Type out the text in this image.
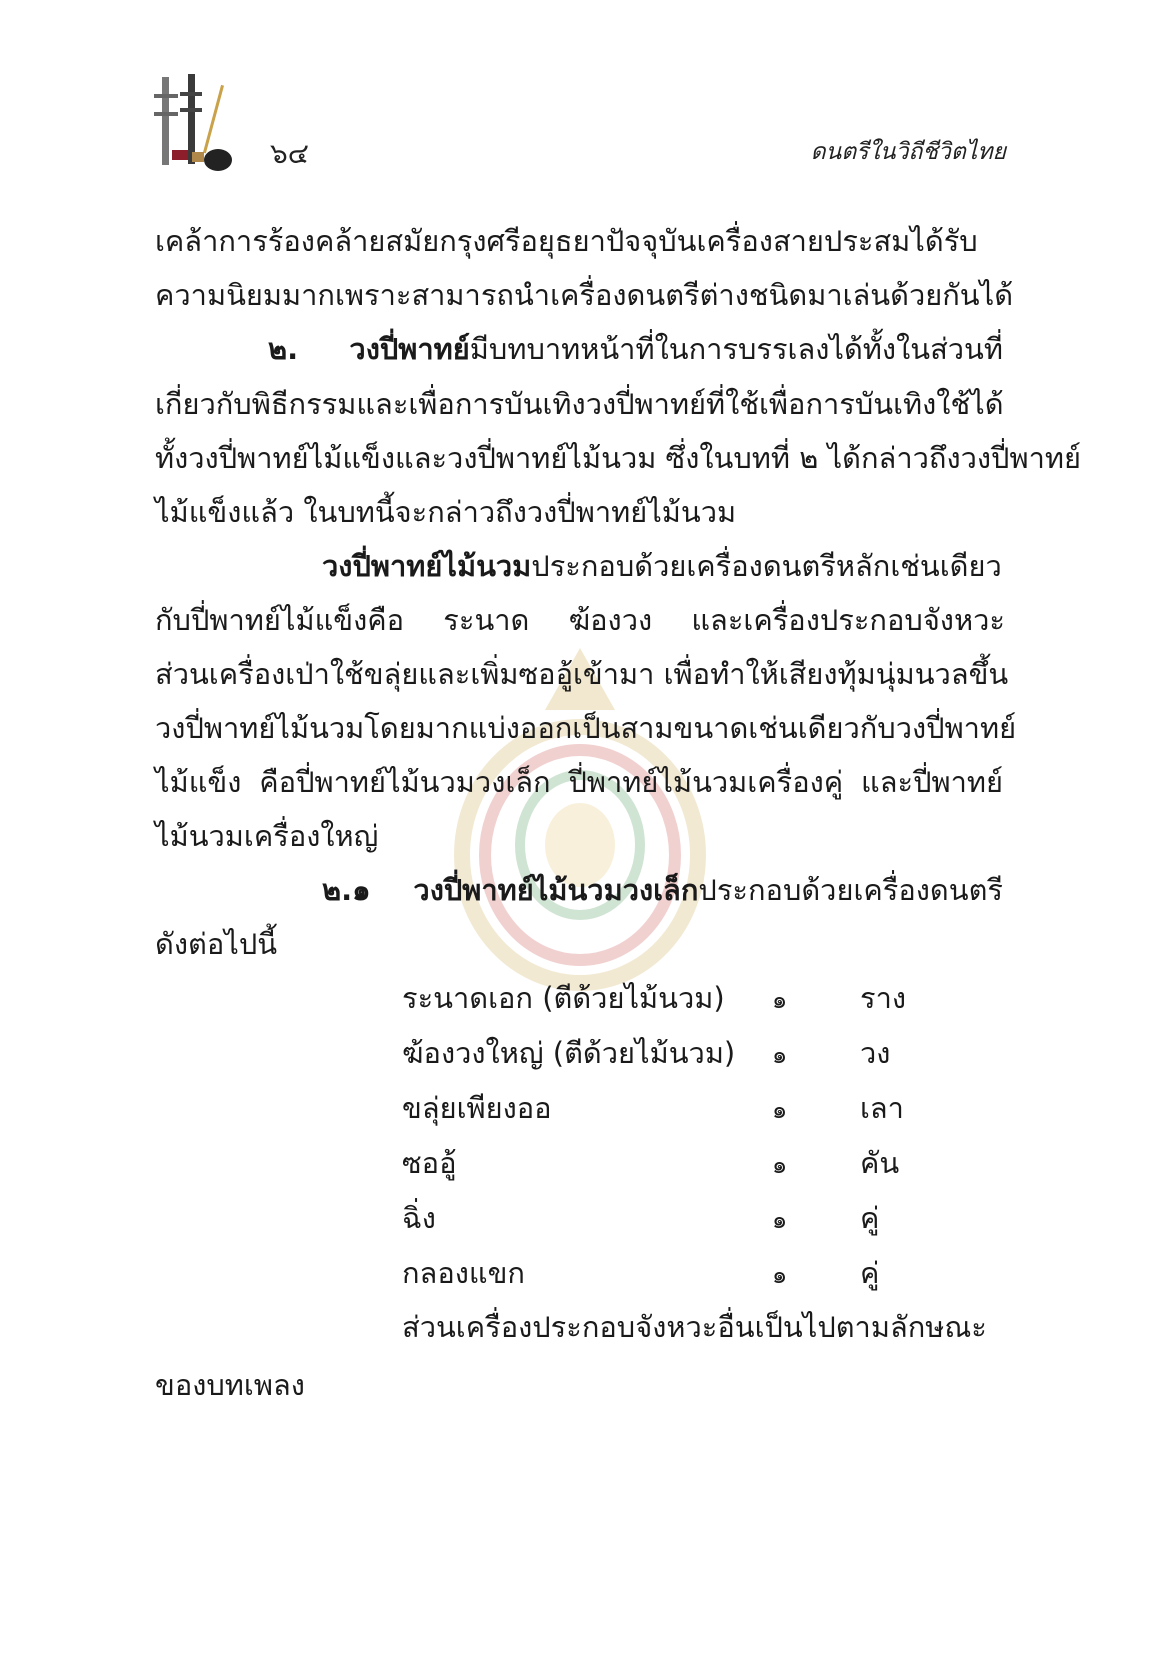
๖๔	ดนตรีในวิถีชีวิตไทย
เคล้าการร้องคล้ายสมัยกรุงศรีอยุธยาปัจจุบันเครื่องสายประสมได้รับ
ความนิยมมากเพราะสามารถนำเครื่องดนตรีต่างชนิดมาเล่นด้วยกันได้
๒. วงปี่พาทย์มีบทบาทหน้าที่ในการบรรเลงได้ทั้งในส่วนที่
เกี่ยวกับพิธีกรรมและเพื่อการบันเทิงวงปี่พาทย์ที่ใช้เพื่อการบันเทิงใช้ได้
ทั้งวงปี่พาทย์ไม้แข็งและวงปี่พาทย์ไม้นวม ซึ่งในบทที่ ๒ ได้กล่าวถึงวงปี่พาทย์
ไม้แข็งแล้ว ในบทนี้จะกล่าวถึงวงปี่พาทย์ไม้นวม
วงปี่พาทย์ไม้นวมประกอบด้วยเครื่องดนตรีหลักเช่นเดียว
กับปี่พาทย์ไม้แข็งคือ ระนาด ฆ้องวง และเครื่องประกอบจังหวะ
ส่วนเครื่องเป่าใช้ขลุ่ยและเพิ่มซออู้เข้ามา เพื่อทำให้เสียงทุ้มนุ่มนวลขึ้น
วงปี่พาทย์ไม้นวมโดยมากแบ่งออกเป็นสามขนาดเช่นเดียวกับวงปี่พาทย์
ไม้แข็ง คือปี่พาทย์ไม้นวมวงเล็ก ปี่พาทย์ไม้นวมเครื่องคู่ และปี่พาทย์
ไม้นวมเครื่องใหญ่
๒.๑ วงปี่พาทย์ไม้นวมวงเล็กประกอบด้วยเครื่องดนตรี
ดังต่อไปนี้
ระนาดเอก (ตีด้วยไม้นวม) ๑	ราง
ฆ้องวงใหญ่ (ตีด้วยไม้นวม) ๑	วง
ขลุ่ยเพียงออ	๑	เลา
ซออู้	๑	คัน
ฉิ่ง	๑	คู่
กลองแขก	๑	คู่
ส่วนเครื่องประกอบจังหวะอื่นเป็นไปตามลักษณะ
ของบทเพลง
